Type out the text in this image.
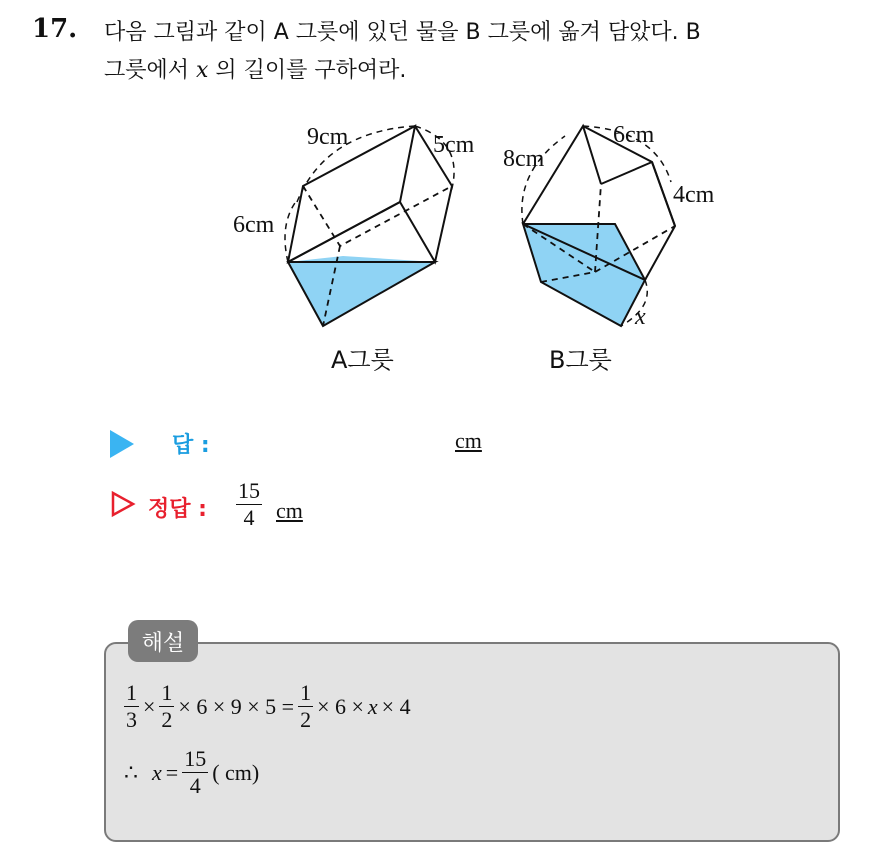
17. 다음 그림과 같이 A 그릇에 있던 물을 B 그릇에 옮겨 담았다. B
그릇에서 x 의 길이를 구하여라.
9cm	5cm
6cm
A그릇
8cm
6cm
4cm
x
B그릇
답 :	cm
정답 : $\frac{15}{4}$ cm
해설
$\frac{1}{3} \times \frac{1}{2} \times 6 \times 9 \times 5 = \frac{1}{2} \times 6 \times x \times 4$
∴ $x = \frac{15}{4}$ ( cm)
